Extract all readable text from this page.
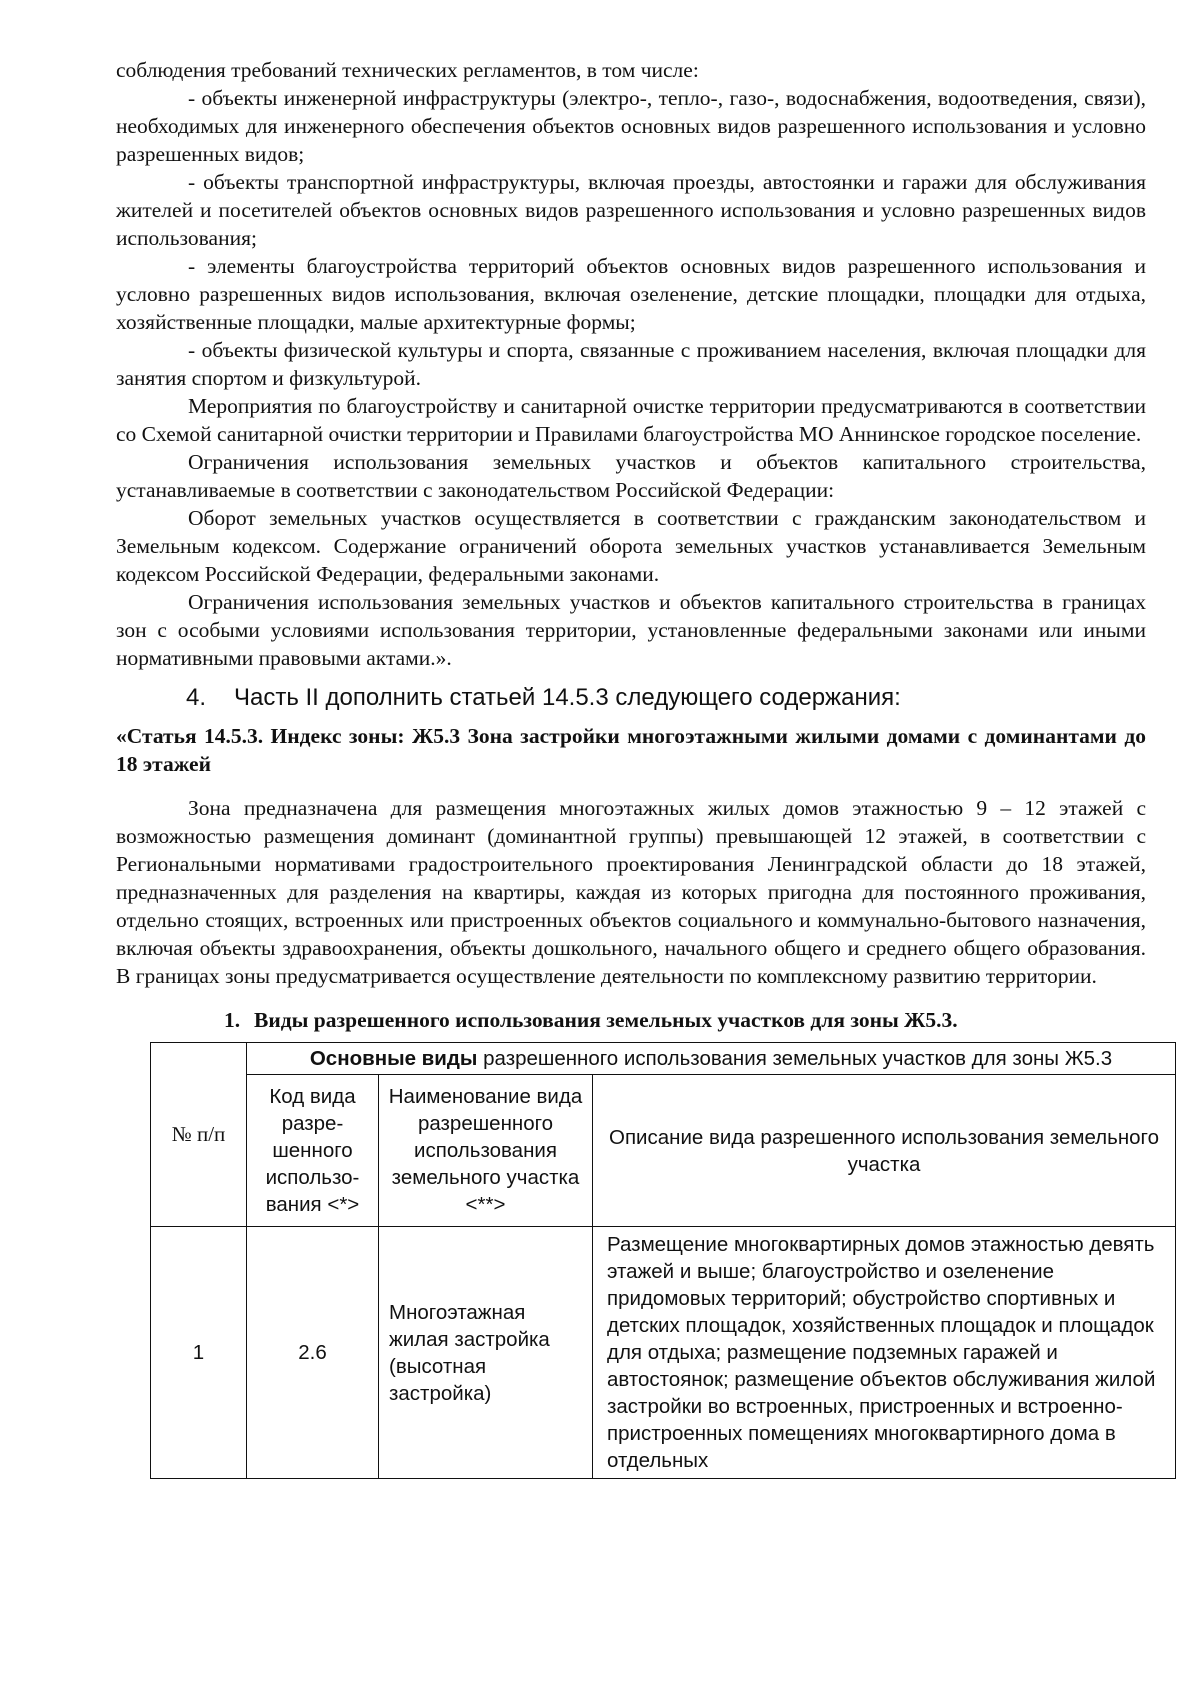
соблюдения требований технических регламентов, в том числе:

- объекты инженерной инфраструктуры (электро-, тепло-, газо-, водоснабжения, водоотведения, связи), необходимых для инженерного обеспечения объектов основных видов разрешенного использования и условно разрешенных видов;

- объекты транспортной инфраструктуры, включая проезды, автостоянки и гаражи для обслуживания жителей и посетителей объектов основных видов разрешенного использования и условно разрешенных видов использования;

- элементы благоустройства территорий объектов основных видов разрешенного использования и условно разрешенных видов использования, включая озеленение, детские площадки, площадки для отдыха, хозяйственные площадки, малые архитектурные формы;

- объекты физической культуры и спорта, связанные с проживанием населения, включая площадки для занятия спортом и физкультурой.

Мероприятия по благоустройству и санитарной очистке территории предусматриваются в соответствии со Схемой санитарной очистки территории и Правилами благоустройства МО Аннинское городское поселение.

Ограничения использования земельных участков и объектов капитального строительства, устанавливаемые в соответствии с законодательством Российской Федерации:

Оборот земельных участков осуществляется в соответствии с гражданским законодательством и Земельным кодексом. Содержание ограничений оборота земельных участков устанавливается Земельным кодексом Российской Федерации, федеральными законами.

Ограничения использования земельных участков и объектов капитального строительства в границах зон с особыми условиями использования территории, установленные федеральными законами или иными нормативными правовыми актами.».

4. Часть II дополнить статьей 14.5.3 следующего содержания:

«Статья 14.5.3. Индекс зоны: Ж5.3 Зона застройки многоэтажными жилыми домами с доминантами до 18 этажей

Зона предназначена для размещения многоэтажных жилых домов этажностью 9 – 12 этажей с возможностью размещения доминант (доминантной группы) превышающей 12 этажей, в соответствии с Региональными нормативами градостроительного проектирования Ленинградской области до 18 этажей, предназначенных для разделения на квартиры, каждая из которых пригодна для постоянного проживания, отдельно стоящих, встроенных или пристроенных объектов социального и коммунально-бытового назначения, включая объекты здравоохранения, объекты дошкольного, начального общего и среднего общего образования. В границах зоны предусматривается осуществление деятельности по комплексному развитию территории.

1. Виды разрешенного использования земельных участков для зоны Ж5.3.
№ п/п	Основные виды разрешенного использования земельных участков для зоны Ж5.3		
	Код вида разре-шенного использо-вания <*>	Наименование вида разрешенного использования земельного участка <**>	Описание вида разрешенного использования земельного участка
1	2.6	Многоэтажная жилая застройка (высотная застройка)	Размещение многоквартирных домов этажностью девять этажей и выше; благоустройство и озеленение придомовых территорий; обустройство спортивных и детских площадок, хозяйственных площадок и площадок для отдыха; размещение подземных гаражей и автостоянок; размещение объектов обслуживания жилой застройки во встроенных, пристроенных и встроенно-пристроенных помещениях многоквартирного дома в отдельных
